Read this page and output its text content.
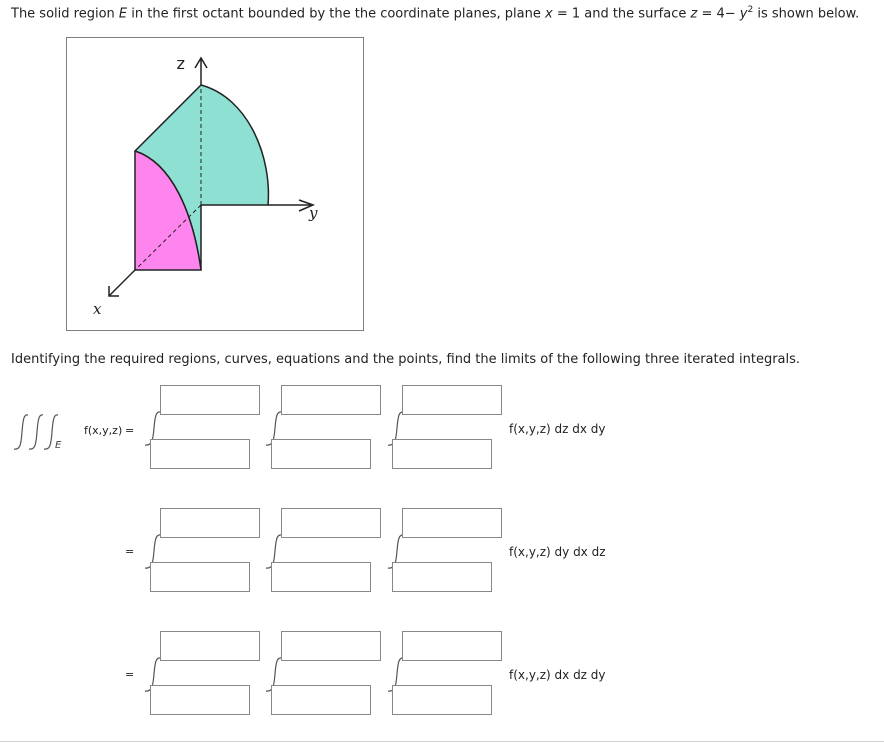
The solid region E in the first octant bounded by the the coordinate planes, plane x = 1 and the surface $z = 4- y^2$ is shown below.
z
y
x
Identifying the required regions, curves, equations and the points, find the limits of the following three iterated integrals.
E
f(x,y,z) =	f(x,y,z) dz dx dy
=	f(x,y,z) dy dx dz
=	f(x,y,z) dx dz dy
